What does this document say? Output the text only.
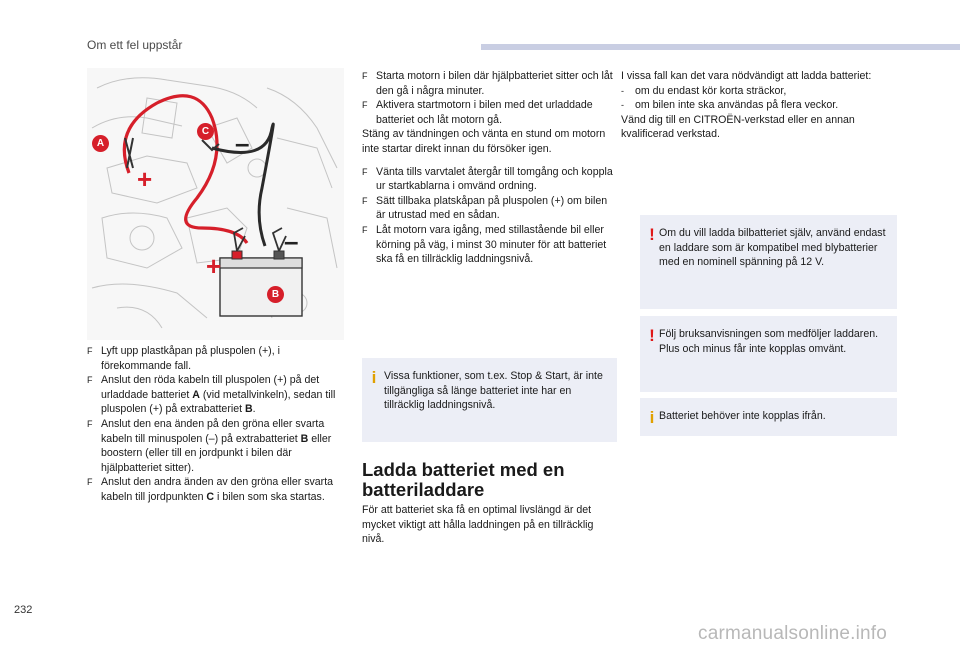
Om ett fel uppstår
A
C
B
+
+
–
–
F Lyft upp plastkåpan på pluspolen (+), i förekommande fall.
F Anslut den röda kabeln till pluspolen (+) på det urladdade batteriet A (vid metallvinkeln), sedan till pluspolen (+) på extrabatteriet B.
F Anslut den ena änden på den gröna eller svarta kabeln till minuspolen (–) på extrabatteriet B eller boostern (eller till en jordpunkt i bilen där hjälpbatteriet sitter).
F Anslut den andra änden av den gröna eller svarta kabeln till jordpunkten C i bilen som ska startas.
F Starta motorn i bilen där hjälpbatteriet sitter och låt den gå i några minuter.
F Aktivera startmotorn i bilen med det urladdade batteriet och låt motorn gå.

Stäng av tändningen och vänta en stund om motorn inte startar direkt innan du försöker igen.

F Vänta tills varvtalet återgår till tomgång och koppla ur startkablarna i omvänd ordning.
F Sätt tillbaka platskåpan på pluspolen (+) om bilen är utrustad med en sådan.
F Låt motorn vara igång, med stillastående bil eller körning på väg, i minst 30 minuter för att batteriet ska få en tillräcklig laddningsnivå.
i Vissa funktioner, som t.ex. Stop & Start, är inte tillgängliga så länge batteriet inte har en tillräcklig laddningsnivå.
Ladda batteriet med en batteriladdare

För att batteriet ska få en optimal livslängd är det mycket viktigt att hålla laddningen på en tillräcklig nivå.

I vissa fall kan det vara nödvändigt att ladda batteriet:

- om du endast kör korta sträckor,
- om bilen inte ska användas på flera veckor.

Vänd dig till en CITROËN-verkstad eller en annan kvalificerad verkstad.

! Om du vill ladda bilbatteriet själv, använd endast en laddare som är kompatibel med blybatterier med en nominell spänning på 12 V.
! Följ bruksanvisningen som medföljer laddaren.
Plus och minus får inte kopplas omvänt.
i Batteriet behöver inte kopplas ifrån.
232
carmanualsonline.info
